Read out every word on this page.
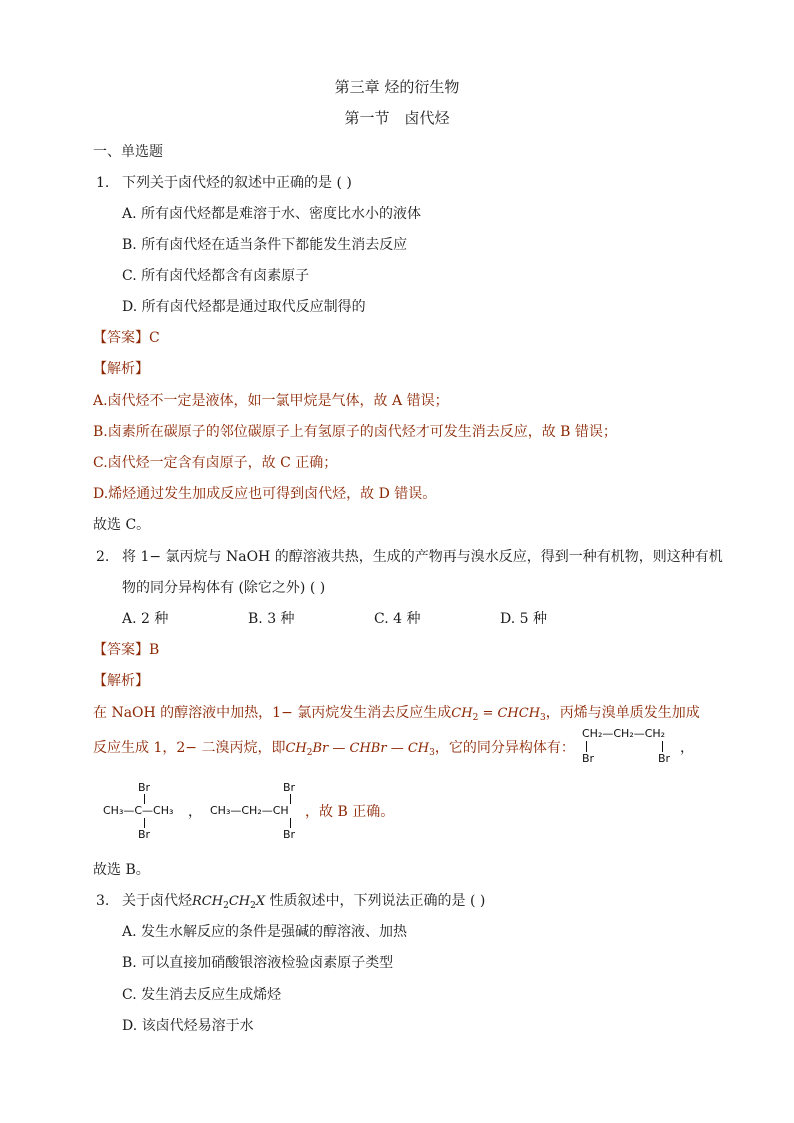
第三章 烃的衍生物
第一节　卤代烃
一、单选题
1. 下列关于卤代烃的叙述中正确的是 ( )
A. 所有卤代烃都是难溶于水、密度比水小的液体
B. 所有卤代烃在适当条件下都能发生消去反应
C. 所有卤代烃都含有卤素原子
D. 所有卤代烃都是通过取代反应制得的
【答案】C
【解析】
A.卤代烃不一定是液体，如一氯甲烷是气体，故 A 错误；
B.卤素所在碳原子的邻位碳原子上有氢原子的卤代烃才可发生消去反应，故 B 错误；
C.卤代烃一定含有卤原子，故 C 正确；
D.烯烃通过发生加成反应也可得到卤代烃，故 D 错误。
故选 C。
2. 将 1− 氯丙烷与 NaOH 的醇溶液共热，生成的产物再与溴水反应，得到一种有机物，则这种有机
物的同分异构体有 (除它之外) ( )
A. 2 种	B. 3 种	C. 4 种	D. 5 种
【答案】B
【解析】
在 NaOH 的醇溶液中加热，1− 氯丙烷发生消去反应生成$CH_2$ = $CHCH_3$，丙烯与溴单质发生加成
反应生成 1，2− 二溴丙烷，即$CH_2Br$ — CHBr — $CH_3$，它的同分异构体有：
CH₂—CH₂—CH₂
Br	Br
，
Br
CH₃—C—CH₃
Br
，
Br
CH₃—CH₂—CH
Br
，故 B 正确。
故选 B。
3. 关于卤代烃$RCH_2CH_2X$ 性质叙述中，下列说法正确的是 ( )
A. 发生水解反应的条件是强碱的醇溶液、加热
B. 可以直接加硝酸银溶液检验卤素原子类型
C. 发生消去反应生成烯烃
D. 该卤代烃易溶于水
